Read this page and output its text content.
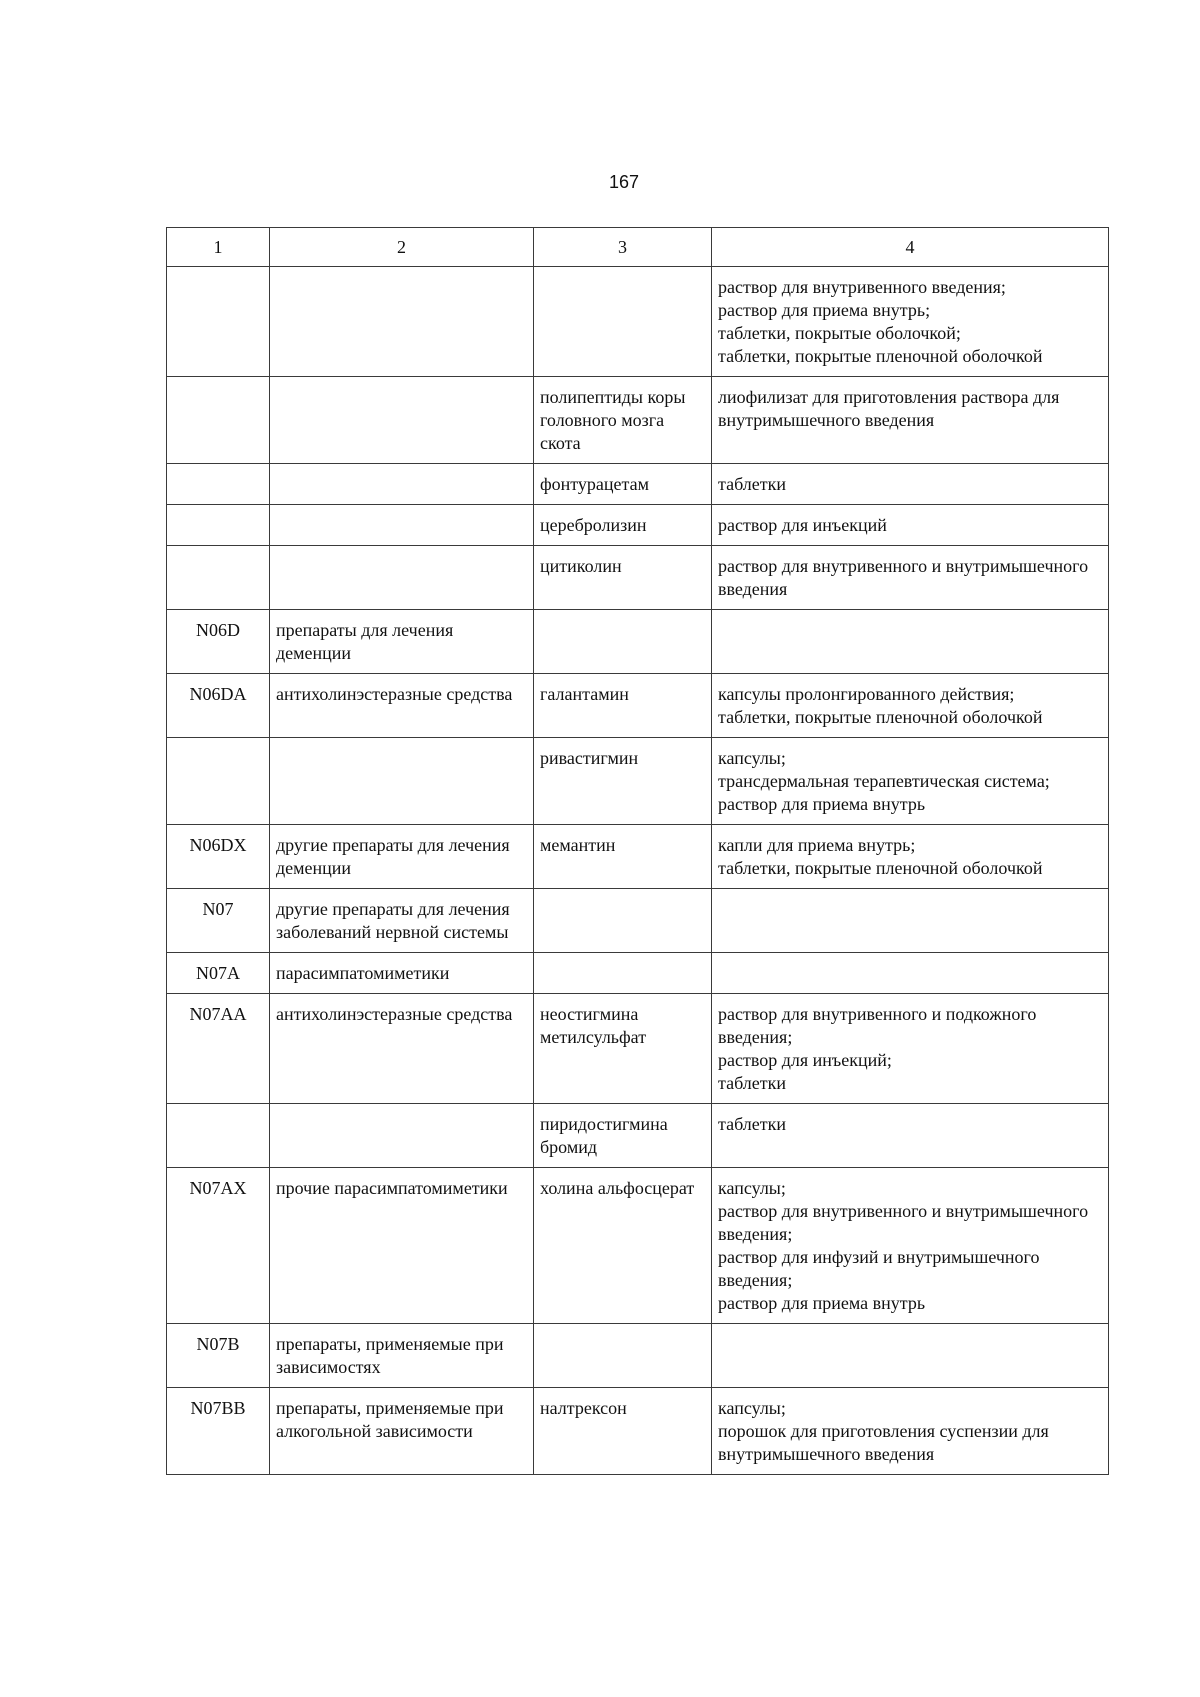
167
1	2	3	4
			раствор для внутривенного введения;
раствор для приема внутрь;
таблетки, покрытые оболочкой;
таблетки, покрытые пленочной оболочкой
		полипептиды коры головного мозга скота	лиофилизат для приготовления раствора для внутримышечного введения
		фонтурацетам	таблетки
		церебролизин	раствор для инъекций
		цитиколин	раствор для внутривенного и внутримышечного введения
N06D	препараты для лечения деменции		
N06DA	антихолинэстеразные средства	галантамин	капсулы пролонгированного действия;
таблетки, покрытые пленочной оболочкой
		ривастигмин	капсулы;
трансдермальная терапевтическая система;
раствор для приема внутрь
N06DX	другие препараты для лечения деменции	мемантин	капли для приема внутрь;
таблетки, покрытые пленочной оболочкой
N07	другие препараты для лечения заболеваний нервной системы		
N07A	парасимпатомиметики		
N07AA	антихолинэстеразные средства	неостигмина метилсульфат	раствор для внутривенного и подкожного введения;
раствор для инъекций;
таблетки
		пиридостигмина бромид	таблетки
N07AX	прочие парасимпатомиметики	холина альфосцерат	капсулы;
раствор для внутривенного и внутримышечного введения;
раствор для инфузий и внутримышечного введения;
раствор для приема внутрь
N07B	препараты, применяемые при зависимостях		
N07BB	препараты, применяемые при алкогольной зависимости	налтрексон	капсулы;
порошок для приготовления суспензии для внутримышечного введения
